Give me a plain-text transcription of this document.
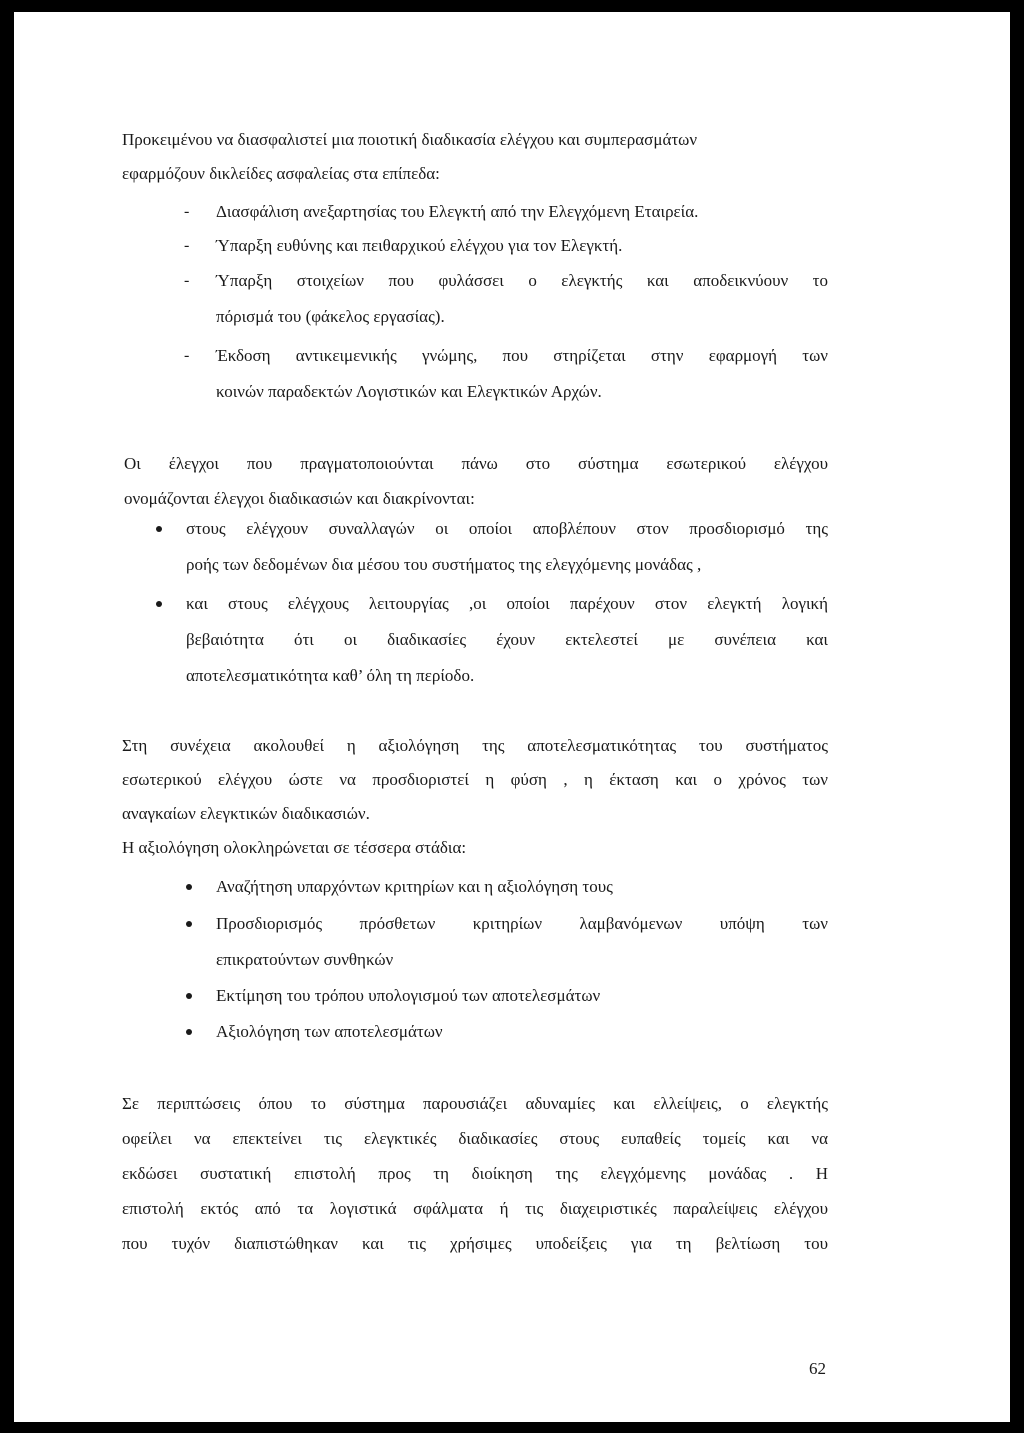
Προκειμένου να διασφαλιστεί μια ποιοτική διαδικασία ελέγχου και συμπερασμάτων
εφαρμόζουν δικλείδες ασφαλείας στα επίπεδα:
- Διασφάλιση ανεξαρτησίας του Ελεγκτή από την Ελεγχόμενη Εταιρεία.
- Ύπαρξη ευθύνης και πειθαρχικού ελέγχου για τον Ελεγκτή.
- Ύπαρξη στοιχείων που φυλάσσει ο ελεγκτής και αποδεικνύουν το
πόρισμά του (φάκελος εργασίας).
- Έκδοση αντικειμενικής γνώμης, που στηρίζεται στην εφαρμογή των
κοινών παραδεκτών Λογιστικών και Ελεγκτικών Αρχών.
Οι έλεγχοι που πραγματοποιούνται πάνω στο σύστημα εσωτερικού ελέγχου
ονομάζονται έλεγχοι διαδικασιών και διακρίνονται:
στους ελέγχουν συναλλαγών οι οποίοι αποβλέπουν στον προσδιορισμό της
ροής των δεδομένων δια μέσου του συστήματος της ελεγχόμενης μονάδας ,
και στους ελέγχους λειτουργίας ,οι οποίοι παρέχουν στον ελεγκτή λογική
βεβαιότητα ότι οι διαδικασίες έχουν εκτελεστεί με συνέπεια και
αποτελεσματικότητα καθ’ όλη τη περίοδο.
Στη συνέχεια ακολουθεί η αξιολόγηση της αποτελεσματικότητας του συστήματος
εσωτερικού ελέγχου ώστε να προσδιοριστεί η φύση , η έκταση και ο χρόνος των
αναγκαίων ελεγκτικών διαδικασιών.
Η αξιολόγηση ολοκληρώνεται σε τέσσερα στάδια:
Αναζήτηση υπαρχόντων κριτηρίων και η αξιολόγηση τους
Προσδιορισμός πρόσθετων κριτηρίων λαμβανόμενων υπόψη των
επικρατούντων συνθηκών
Εκτίμηση του τρόπου υπολογισμού των αποτελεσμάτων
Αξιολόγηση των αποτελεσμάτων
Σε περιπτώσεις όπου το σύστημα παρουσιάζει αδυναμίες και ελλείψεις, ο ελεγκτής
οφείλει να επεκτείνει τις ελεγκτικές διαδικασίες στους ευπαθείς τομείς και να
εκδώσει συστατική επιστολή προς τη διοίκηση της ελεγχόμενης μονάδας . Η
επιστολή εκτός από τα λογιστικά σφάλματα ή τις διαχειριστικές παραλείψεις ελέγχου
που τυχόν διαπιστώθηκαν και τις χρήσιμες υποδείξεις για τη βελτίωση του
62
